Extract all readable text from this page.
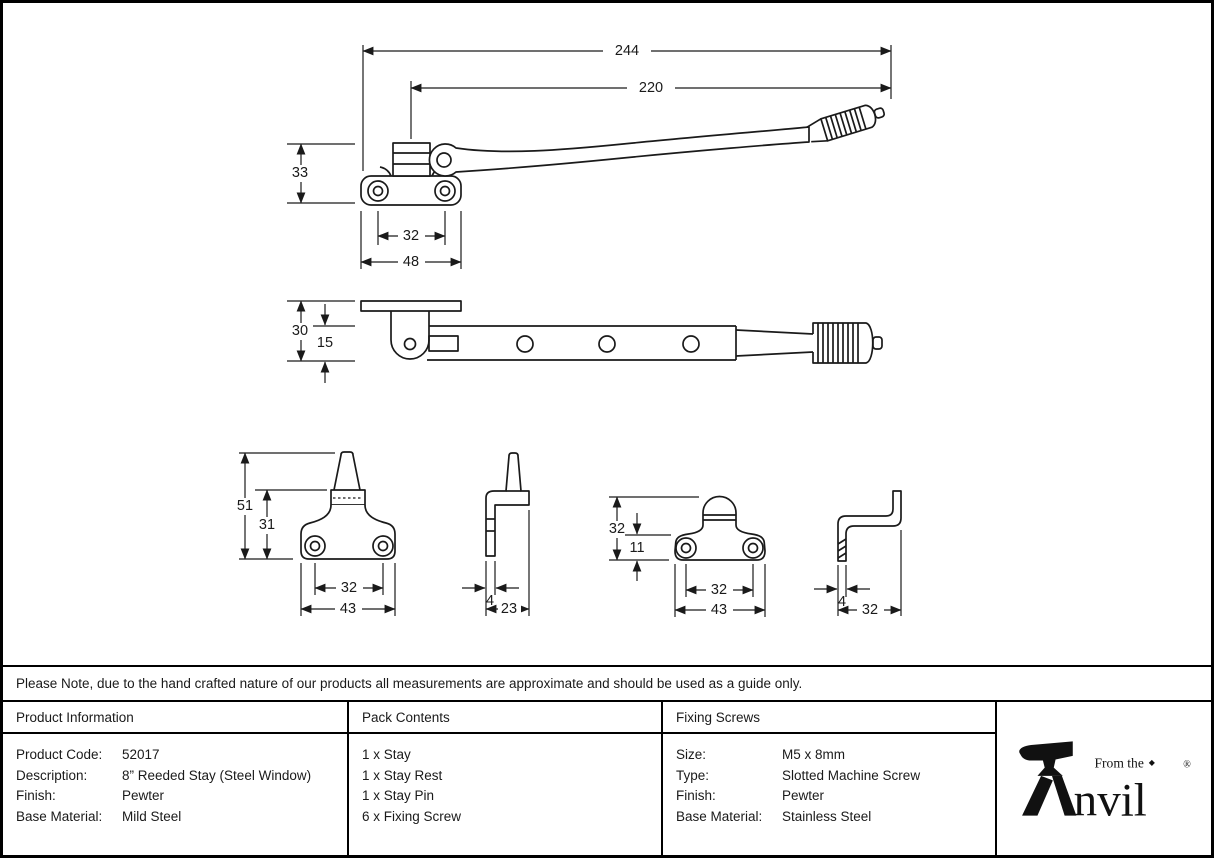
244
220
33
32
48
30
15
51
31
32
43	4 23
32
11
32
43	4 32
Please Note, due to the hand crafted nature of our products all measurements are approximate and should be used as a guide only.
Product Information
Product Code:	52017
Description:	8” Reeded Stay (Steel Window)
Finish:	Pewter
Base Material:	Mild Steel
Pack Contents
1 x Stay
1 x Stay Rest
1 x Stay Pin
6 x Fixing Screw
Fixing Screws
Size:	M5 x 8mm
Type:	Slotted Machine Screw
Finish:	Pewter
Base Material:	Stainless Steel
From the ◆
nvil
®
